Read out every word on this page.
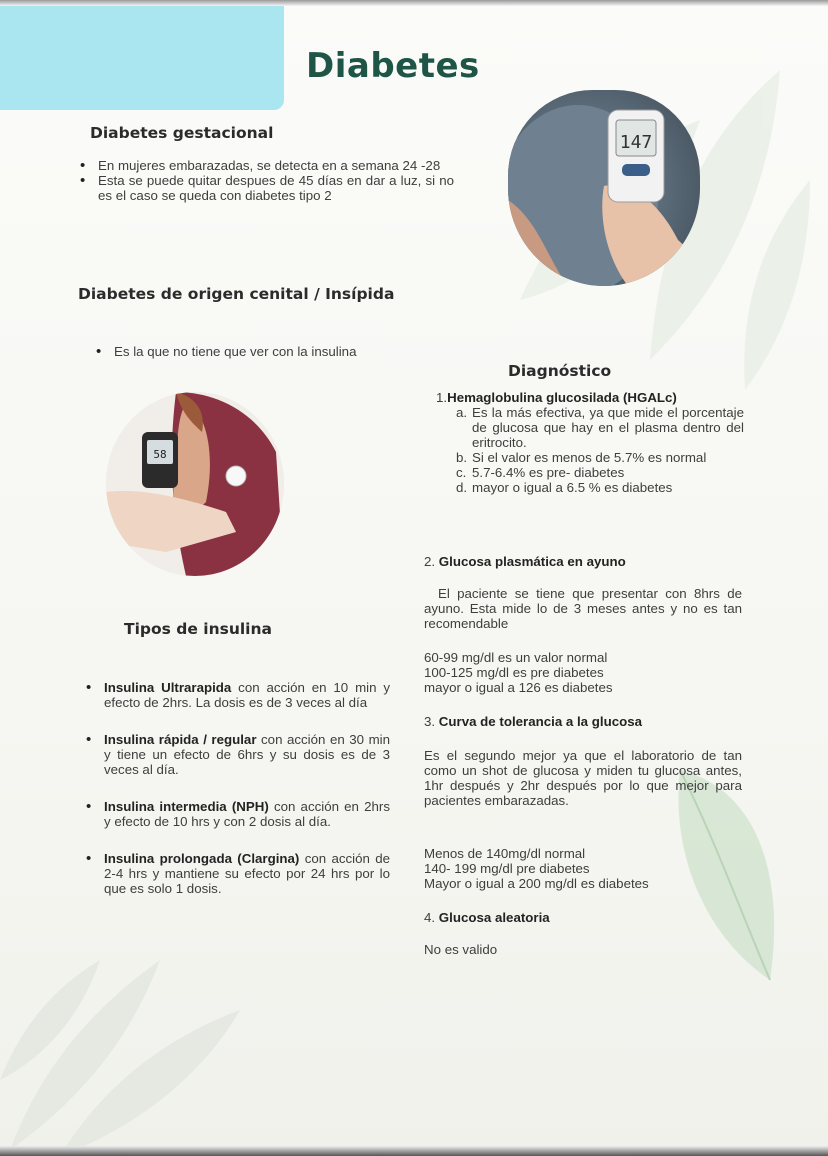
Diabetes
Diabetes gestacional
• En mujeres embarazadas, se detecta en a semana 24 -28
• Esta se puede quitar despues de 45 días en dar a luz, si no es el caso se queda con diabetes tipo 2
Diabetes de origen cenital / Insípida
• Es la que no tiene que ver con la insulina
147
58
Tipos de insulina
• Insulina Ultrarapida con acción en 10 min y efecto de 2hrs. La dosis es de 3 veces al día
• Insulina rápida / regular con acción en 30 min y tiene un efecto de 6hrs y su dosis es de 3 veces al día.
• Insulina intermedia (NPH) con acción en 2hrs y efecto de 10 hrs y con 2 dosis al día.
• Insulina prolongada (Clargina) con acción de 2-4 hrs y mantiene su efecto por 24 hrs por lo que es solo 1 dosis.
Diagnóstico

1.Hemaglobulina glucosilada (HGALc)

a. Es la más efectiva, ya que mide el porcentaje de glucosa que hay en el plasma dentro del eritrocito.
b. Si el valor es menos de 5.7% es normal
c. 5.7-6.4% es pre- diabetes
d. mayor o igual a 6.5 % es diabetes

2. Glucosa plasmática en ayuno

El paciente se tiene que presentar con 8hrs de ayuno. Esta mide lo de 3 meses antes y no es tan recomendable

60-99 mg/dl es un valor normal
100-125 mg/dl es pre diabetes
mayor o igual a 126 es diabetes

3. Curva de tolerancia a la glucosa

Es el segundo mejor ya que el laboratorio de tan como un shot de glucosa y miden tu glucosa antes, 1hr después y 2hr después por lo que mejor para pacientes embarazadas.

Menos de 140mg/dl normal
140- 199 mg/dl pre diabetes
Mayor o igual a 200 mg/dl es diabetes

4. Glucosa aleatoria

No es valido
